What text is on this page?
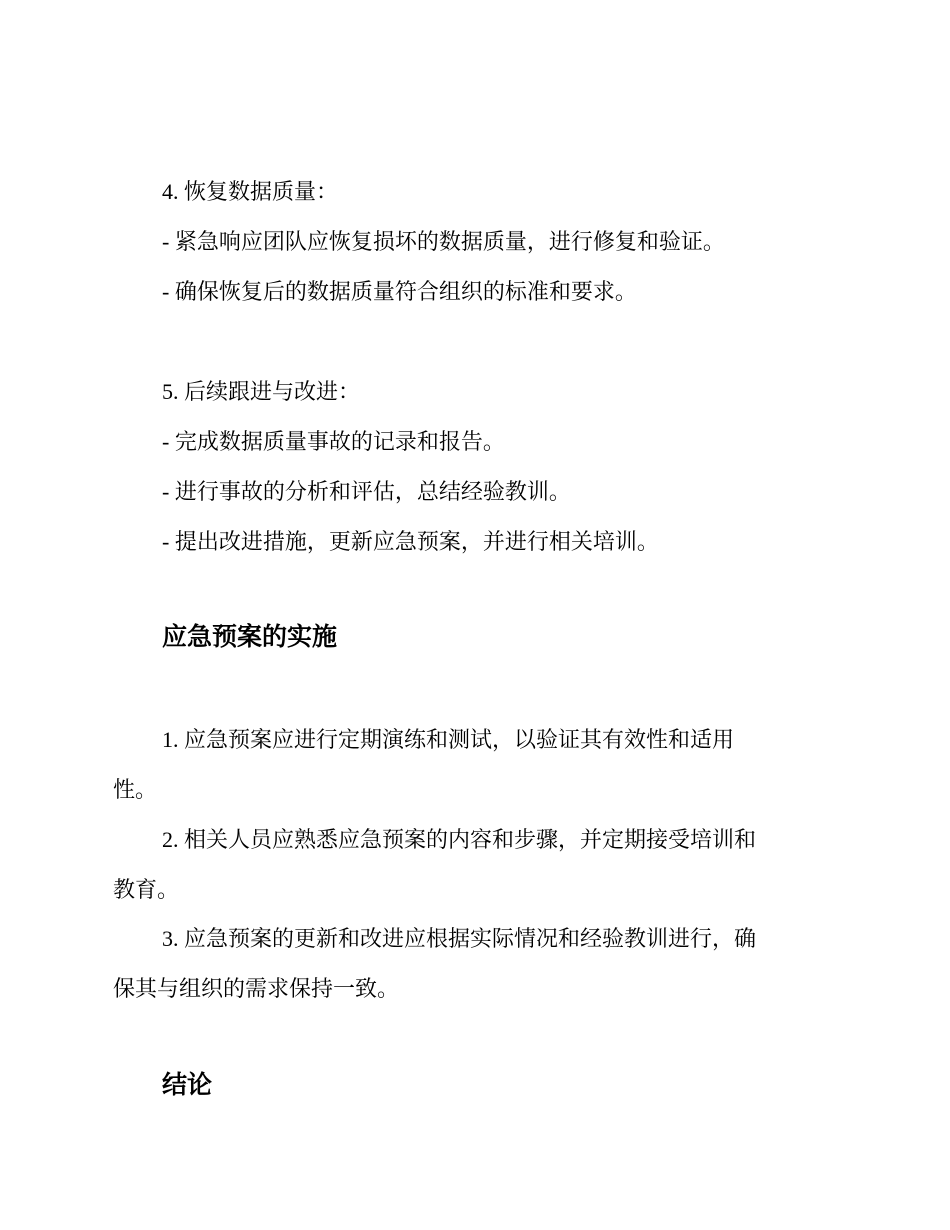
4. 恢复数据质量：

- 紧急响应团队应恢复损坏的数据质量，进行修复和验证。

- 确保恢复后的数据质量符合组织的标准和要求。

5. 后续跟进与改进：

- 完成数据质量事故的记录和报告。

- 进行事故的分析和评估，总结经验教训。

- 提出改进措施，更新应急预案，并进行相关培训。

应急预案的实施

1. 应急预案应进行定期演练和测试，以验证其有效性和适用

性。

2. 相关人员应熟悉应急预案的内容和步骤，并定期接受培训和

教育。

3. 应急预案的更新和改进应根据实际情况和经验教训进行，确

保其与组织的需求保持一致。

结论
